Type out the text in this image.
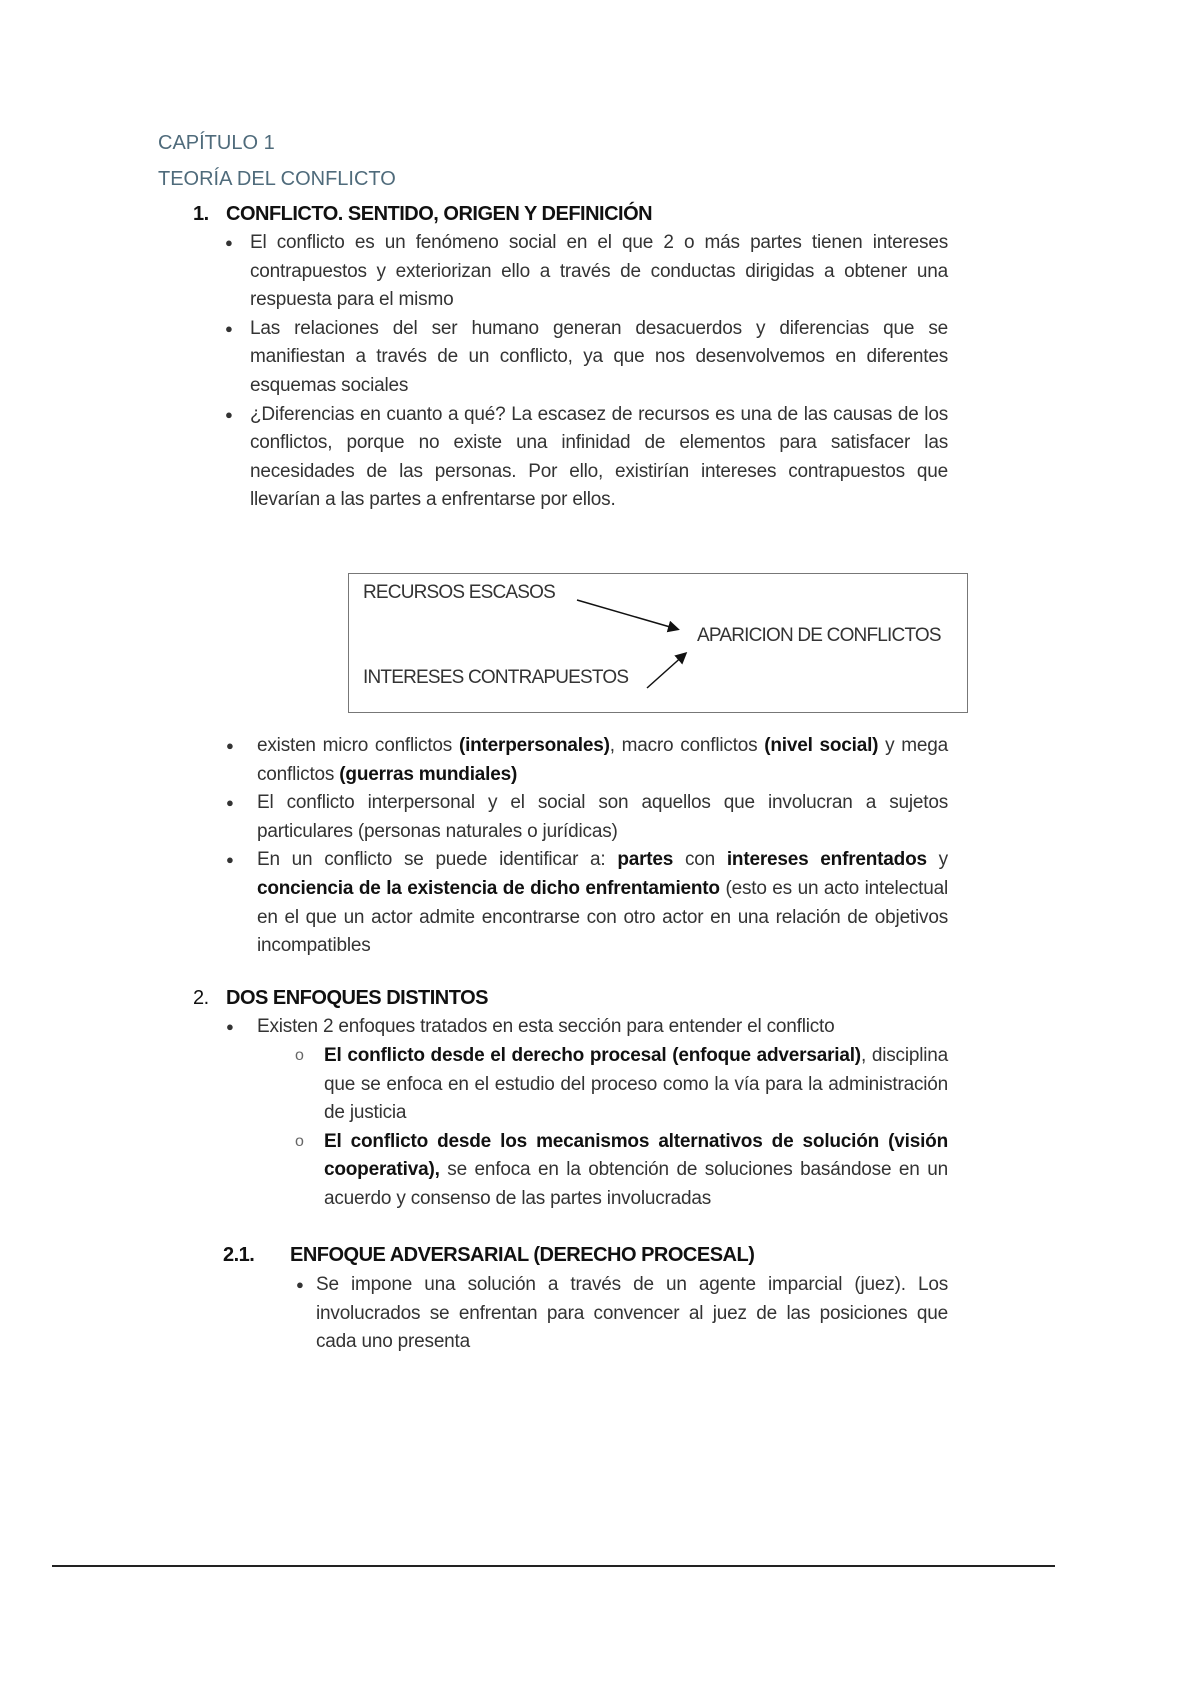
CAPÍTULO 1
TEORÍA DEL CONFLICTO
1. CONFLICTO. SENTIDO, ORIGEN Y DEFINICIÓN
● El conflicto es un fenómeno social en el que 2 o más partes tienen intereses contrapuestos y exteriorizan ello a través de conductas dirigidas a obtener una respuesta para el mismo
● Las relaciones del ser humano generan desacuerdos y diferencias que se manifiestan a través de un conflicto, ya que nos desenvolvemos en diferentes esquemas sociales
● ¿Diferencias en cuanto a qué? La escasez de recursos es una de las causas de los conflictos, porque no existe una infinidad de elementos para satisfacer las necesidades de las personas. Por ello, existirían intereses contrapuestos que llevarían a las partes a enfrentarse por ellos.
RECURSOS ESCASOS
INTERESES CONTRAPUESTOS
APARICION DE CONFLICTOS
● existen micro conflictos (interpersonales), macro conflictos (nivel social) y mega conflictos (guerras mundiales)
● El conflicto interpersonal y el social son aquellos que involucran a sujetos particulares (personas naturales o jurídicas)
● En un conflicto se puede identificar a: partes con intereses enfrentados y conciencia de la existencia de dicho enfrentamiento (esto es un acto intelectual en el que un actor admite encontrarse con otro actor en una relación de objetivos incompatibles
2. DOS ENFOQUES DISTINTOS
● Existen 2 enfoques tratados en esta sección para entender el conflicto
o El conflicto desde el derecho procesal (enfoque adversarial), disciplina que se enfoca en el estudio del proceso como la vía para la administración de justicia
o El conflicto desde los mecanismos alternativos de solución (visión cooperativa), se enfoca en la obtención de soluciones basándose en un acuerdo y consenso de las partes involucradas
2.1. ENFOQUE ADVERSARIAL (DERECHO PROCESAL)
● Se impone una solución a través de un agente imparcial (juez). Los involucrados se enfrentan para convencer al juez de las posiciones que cada uno presenta
